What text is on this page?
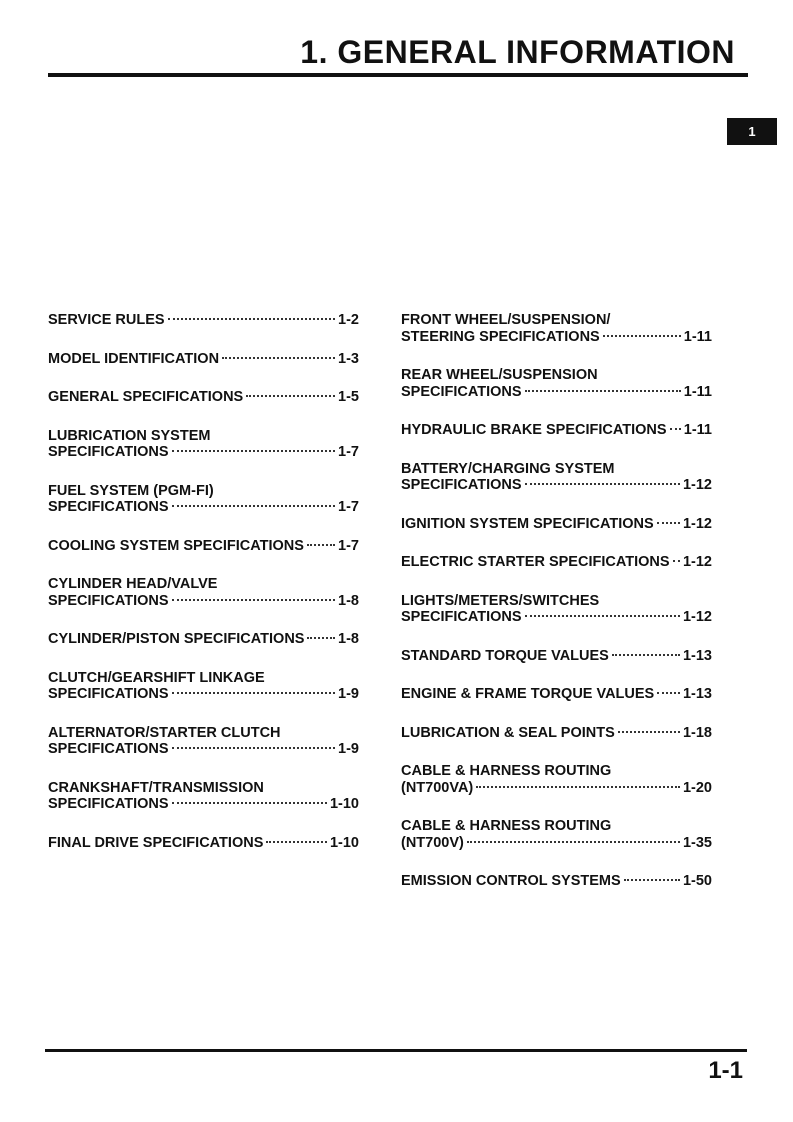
1. GENERAL INFORMATION
1
SERVICE RULES	1-2
MODEL IDENTIFICATION	1-3
GENERAL SPECIFICATIONS	1-5
LUBRICATION SYSTEM
SPECIFICATIONS	1-7
FUEL SYSTEM (PGM-FI)
SPECIFICATIONS	1-7
COOLING SYSTEM SPECIFICATIONS 1-7
CYLINDER HEAD/VALVE
SPECIFICATIONS	1-8
CYLINDER/PISTON SPECIFICATIONS 1-8
CLUTCH/GEARSHIFT LINKAGE
SPECIFICATIONS	1-9
ALTERNATOR/STARTER CLUTCH
SPECIFICATIONS	1-9
CRANKSHAFT/TRANSMISSION
SPECIFICATIONS	1-10
FINAL DRIVE SPECIFICATIONS	1-10
FRONT WHEEL/SUSPENSION/
STEERING SPECIFICATIONS	1-11
REAR WHEEL/SUSPENSION
SPECIFICATIONS	1-11
HYDRAULIC BRAKE SPECIFICATIONS 1-11
BATTERY/CHARGING SYSTEM
SPECIFICATIONS	1-12
IGNITION SYSTEM SPECIFICATIONS 1-12
ELECTRIC STARTER SPECIFICATIONS 1-12
LIGHTS/METERS/SWITCHES
SPECIFICATIONS	1-12
STANDARD TORQUE VALUES	1-13
ENGINE & FRAME TORQUE VALUES 1-13
LUBRICATION & SEAL POINTS	1-18
CABLE & HARNESS ROUTING
(NT700VA)	1-20
CABLE & HARNESS ROUTING
(NT700V)	1-35
EMISSION CONTROL SYSTEMS	1-50

1-1
